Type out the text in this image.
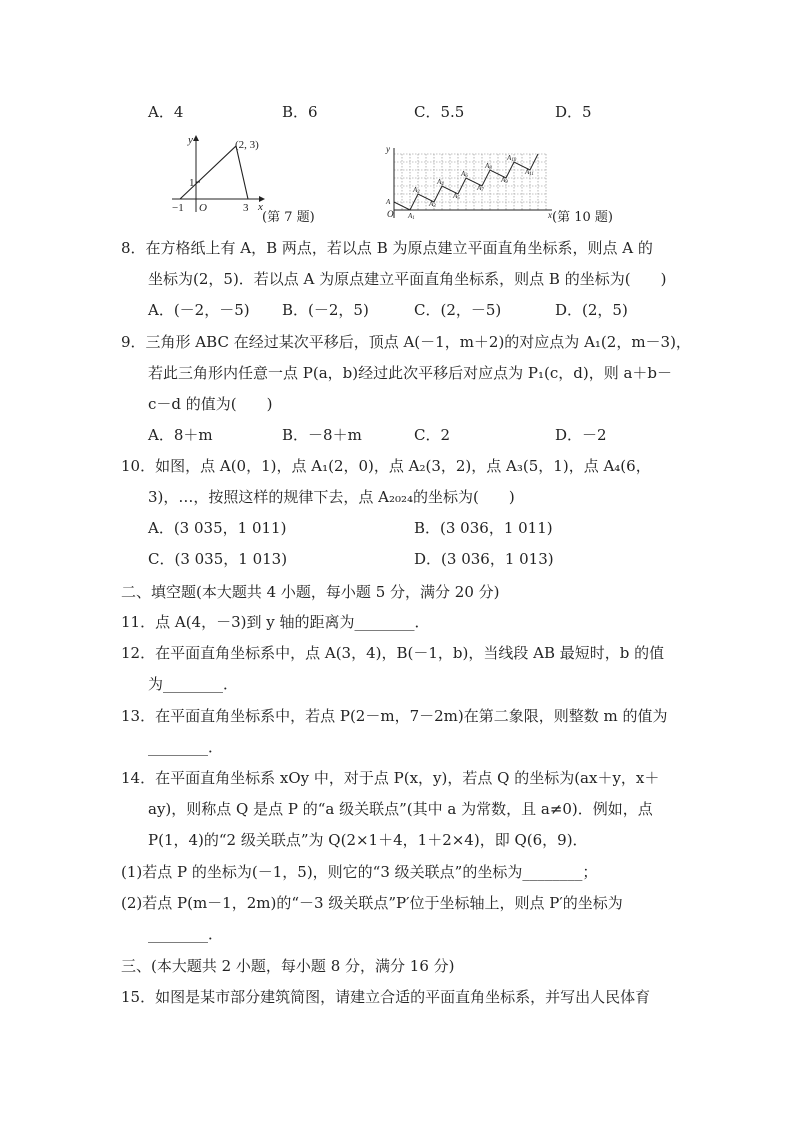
A．4	B．6	C．5.5	D．5
(2, 3)
y
x
O
−1
1
3
(第 7 题)
y
x
O
A
A1
A2
A3
A4
A5
A6
A7
A8
A9
A10
A11
(第 10 题)
8．在方格纸上有 A，B 两点，若以点 B 为原点建立平面直角坐标系，则点 A 的
坐标为(2，5)．若以点 A 为原点建立平面直角坐标系，则点 B 的坐标为(　　)
A．(－2，－5) B．(－2，5)	C．(2，－5)	D．(2，5)
9．三角形 ABC 在经过某次平移后，顶点 A(－1，m＋2)的对应点为 A₁(2，m－3)，
若此三角形内任意一点 P(a，b)经过此次平移后对应点为 P₁(c，d)，则 a＋b－
c－d 的值为(　　)
A．8＋m	B．－8＋m	C．2	D．－2
10．如图，点 A(0，1)，点 A₁(2，0)，点 A₂(3，2)，点 A₃(5，1)，点 A₄(6，
3)，…，按照这样的规律下去，点 A₂₀₂₄的坐标为(　　)
A．(3 035，1 011)	B．(3 036，1 011)
C．(3 035，1 013)	D．(3 036，1 013)
二、填空题(本大题共 4 小题，每小题 5 分，满分 20 分)
11．点 A(4，－3)到 y 轴的距离为________．
12．在平面直角坐标系中，点 A(3，4)，B(－1，b)，当线段 AB 最短时，b 的值
为________．
13．在平面直角坐标系中，若点 P(2－m，7－2m)在第二象限，则整数 m 的值为
________．
14．在平面直角坐标系 xOy 中，对于点 P(x，y)，若点 Q 的坐标为(ax＋y，x＋
ay)，则称点 Q 是点 P 的“a 级关联点”(其中 a 为常数，且 a≠0)．例如，点
P(1，4)的“2 级关联点”为 Q(2×1＋4，1＋2×4)，即 Q(6，9)．
(1)若点 P 的坐标为(－1，5)，则它的“3 级关联点”的坐标为________；
(2)若点 P(m－1，2m)的“－3 级关联点”P′位于坐标轴上，则点 P′的坐标为
________．
三、(本大题共 2 小题，每小题 8 分，满分 16 分)
15．如图是某市部分建筑简图，请建立合适的平面直角坐标系，并写出人民体育
